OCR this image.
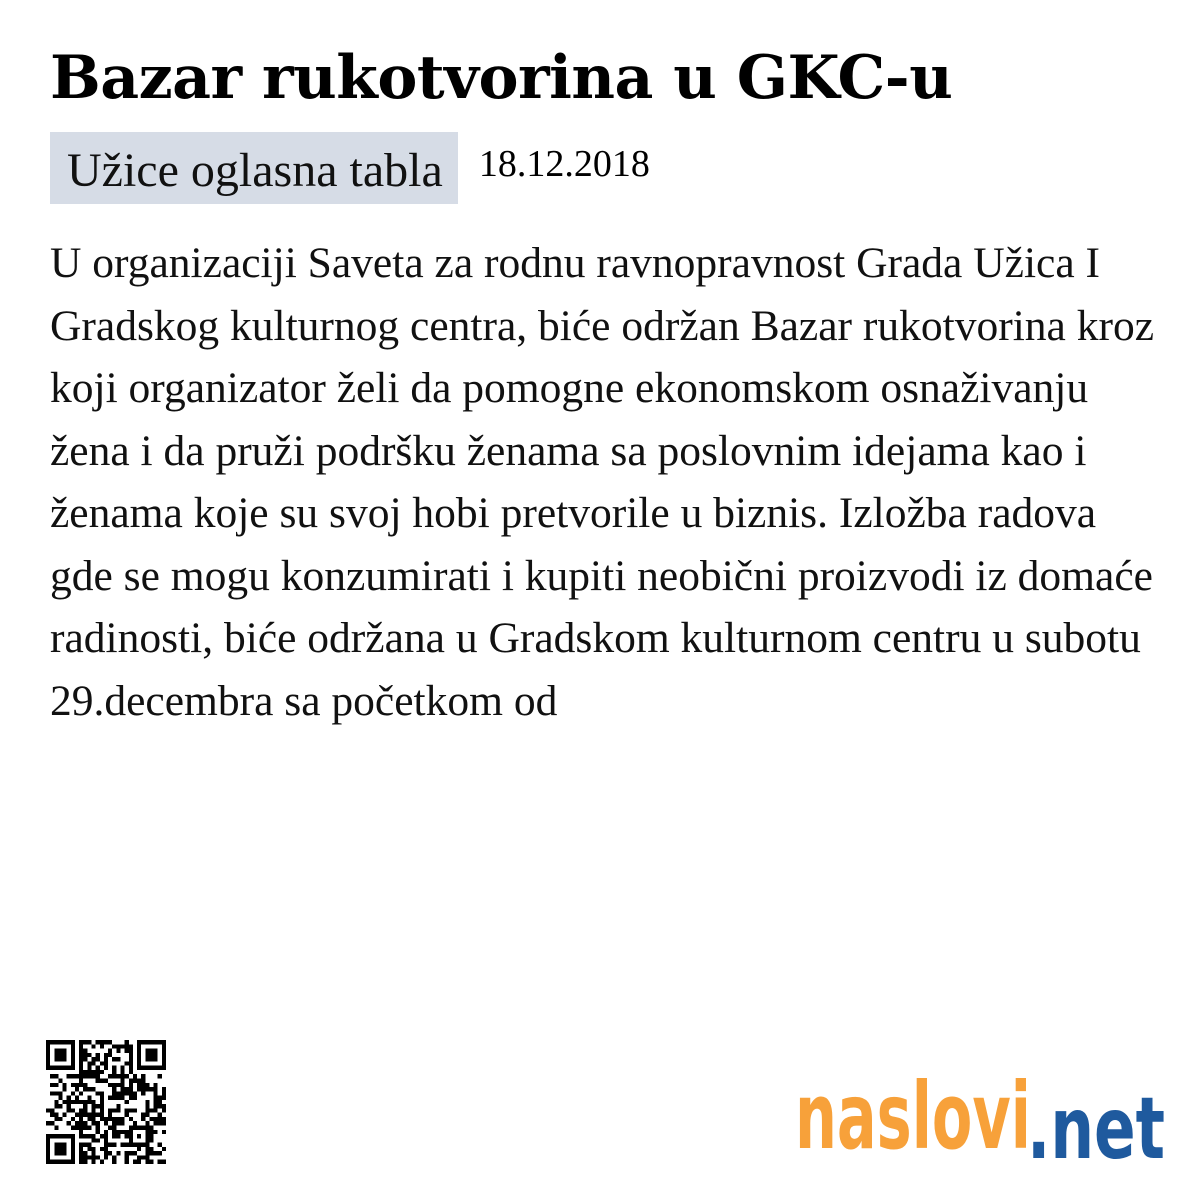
Bazar rukotvorina u GKC-u
Užice oglasna tabla 18.12.2018

U organizaciji Saveta za rodnu ravnopravnost Grada Užica I Gradskog kulturnog centra, biće održan Bazar rukotvorina kroz koji organizator želi da pomogne ekonomskom osnaživanju žena i da pruži podršku ženama sa poslovnim idejama kao i ženama koje su svoj hobi pretvorile u biznis. Izložba radova gde se mogu konzumirati i kupiti neobični proizvodi iz domaće radinosti, biće održana u Gradskom kulturnom centru u subotu 29.decembra sa početkom od

naslovi
.net
